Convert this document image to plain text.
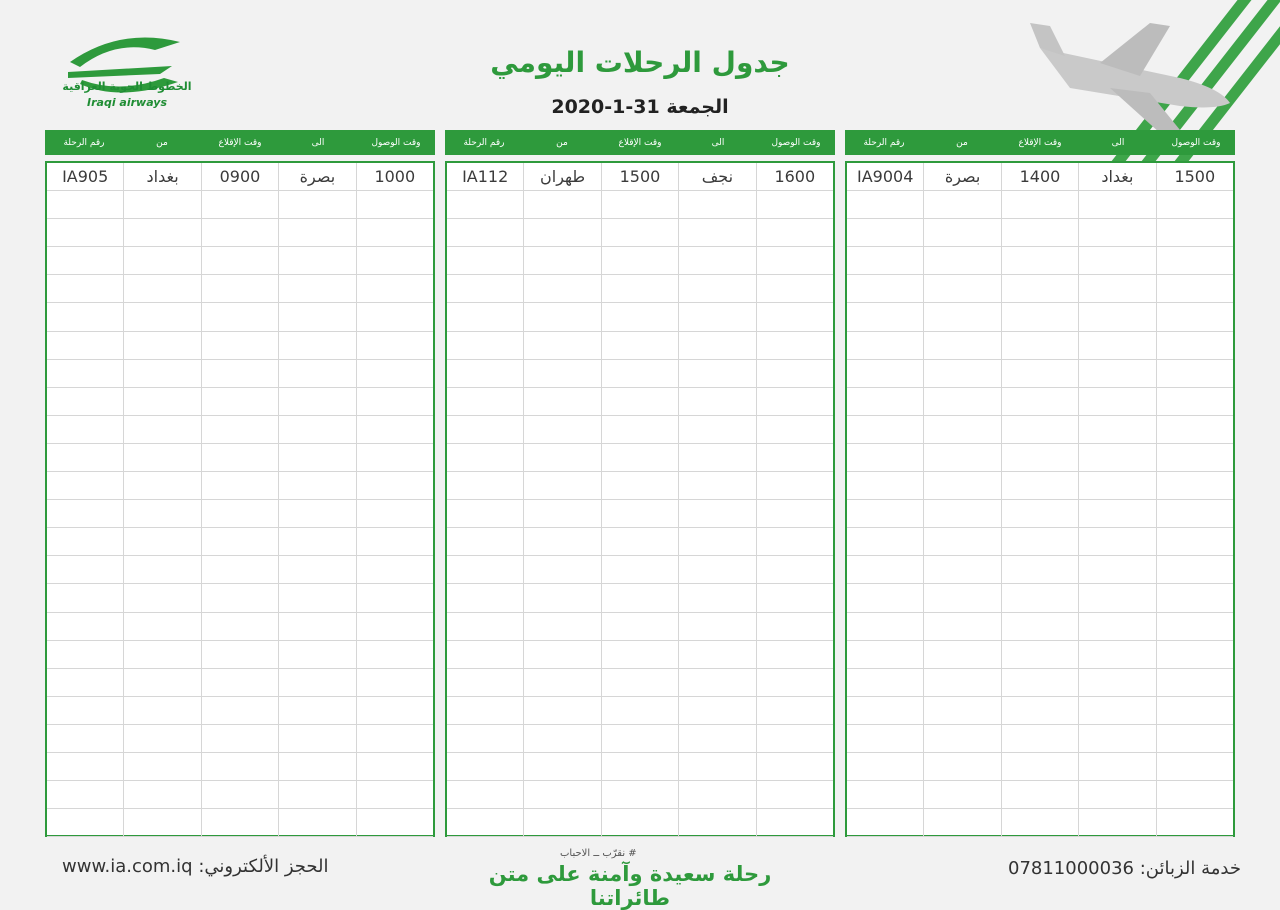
الخطوط الجوية العراقية
Iraqi airways
جدول الرحلات اليومي
الجمعة 31-1-2020
وقت الوصول
الى
وقت الإقلاع
من
رقم الرحلة
1500
بغداد
1400
بصرة
IA9004
وقت الوصول
الى
وقت الإقلاع
من
رقم الرحلة
1600
نجف
1500
طهران
IA112
وقت الوصول
الى
وقت الإقلاع
من
رقم الرحلة
1000
بصرة
0900
بغداد
IA905
الحجز الألكتروني: www.ia.com.iq
# نقرّب ــ الاحباب
رحلة سعيدة وآمنة على متن طائراتنا
خدمة الزبائن: 07811000036
